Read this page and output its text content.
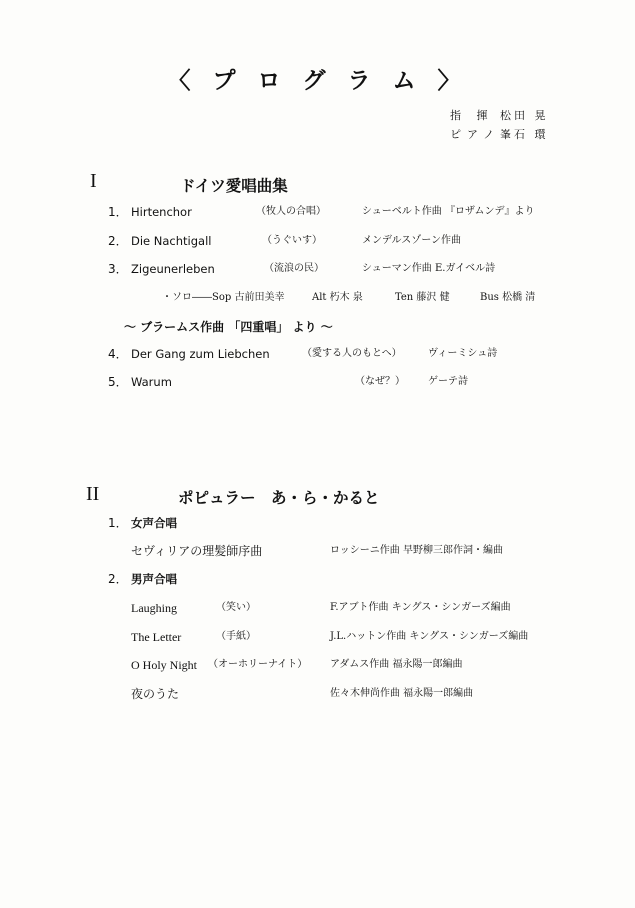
〈 プ ロ グ ラ ム 〉
指 揮 松田 晃
ピアノ峯石 環
I	ドイツ愛唱曲集
1． Hirtenchor	（牧人の合唱）	シューベルト作曲 『ロザムンデ』より
2． Die Nachtigall	（うぐいす）	メンデルスゾーン作曲
3． Zigeunerleben	（流浪の民）	シューマン作曲 E.ガイベル詩
・ソロ――Sop 古前田美幸	Alt 朽木 泉	Ten 藤沢 健	Bus 松橋 清
～ ブラームス作曲 「四重唱」 より ～
4． Der Gang zum Liebchen	（愛する人のもとへ）	ヴィーミシュ詩
5． Warum	（なぜ？） ゲーテ詩
II	ポピュラー　あ・ら・かると
1． 女声合唱
セヴィリアの理髪師序曲	ロッシーニ作曲 早野柳三郎作詞・編曲
2． 男声合唱
Laughing	（笑い）	F.アブト作曲 キングス・シンガーズ編曲
The Letter	（手紙）	J.L.ハットン作曲 キングス・シンガーズ編曲
O Holy Night （オーホリーナイト） アダムス作曲 福永陽一郎編曲
夜のうた	佐々木伸尚作曲 福永陽一郎編曲
